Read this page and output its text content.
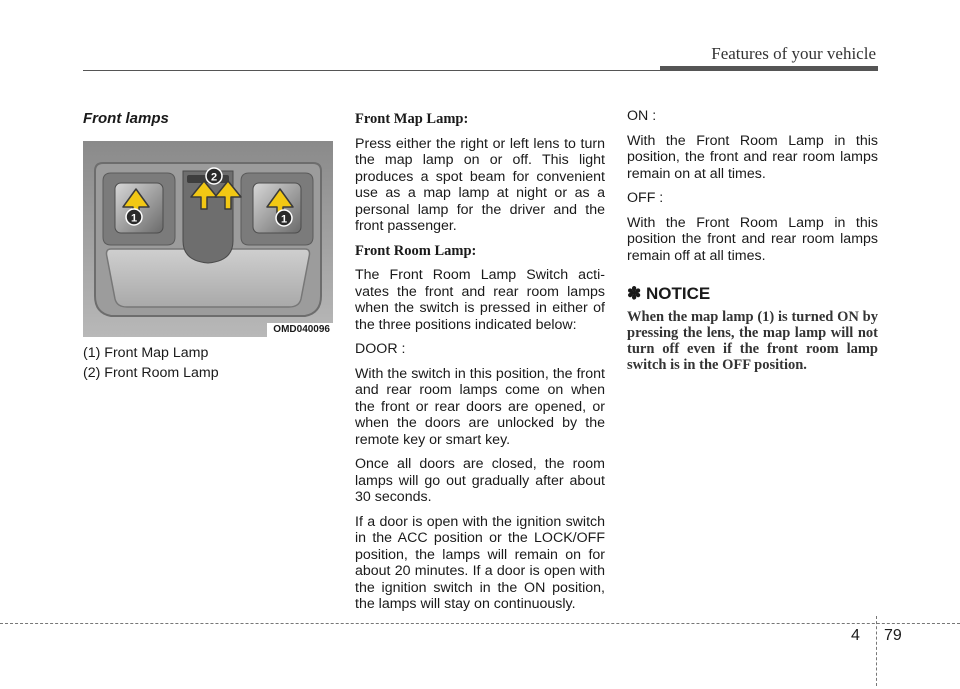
Features of your vehicle
Front lamps
1	1
2
OMD040096

(1) Front Map Lamp

(2) Front Room Lamp

Front Map Lamp:

Press either the right or left lens to turn the map lamp on or off. This light produces a spot beam for convenient use as a map lamp at night or as a personal lamp for the driver and the front passenger.

Front Room Lamp:

The Front Room Lamp Switch acti-vates the front and rear room lamps when the switch is pressed in either of the three positions indicated below:

DOOR :

With the switch in this position, the front and rear room lamps come on when the front or rear doors are opened, or when the doors are unlocked by the remote key or smart key.

Once all doors are closed, the room lamps will go out gradually after about 30 seconds.

If a door is open with the ignition switch in the ACC position or the LOCK/OFF position, the lamps will remain on for about 20 minutes. If a door is open with the ignition switch in the ON position, the lamps will stay on continuously.

ON :

With the Front Room Lamp in this position, the front and rear room lamps remain on at all times.

OFF :

With the Front Room Lamp in this position the front and rear room lamps remain off at all times.

✽ NOTICE

When the map lamp (1) is turned ON by pressing the lens, the map lamp will not turn off even if the front room lamp switch is in the OFF position.

4 79
